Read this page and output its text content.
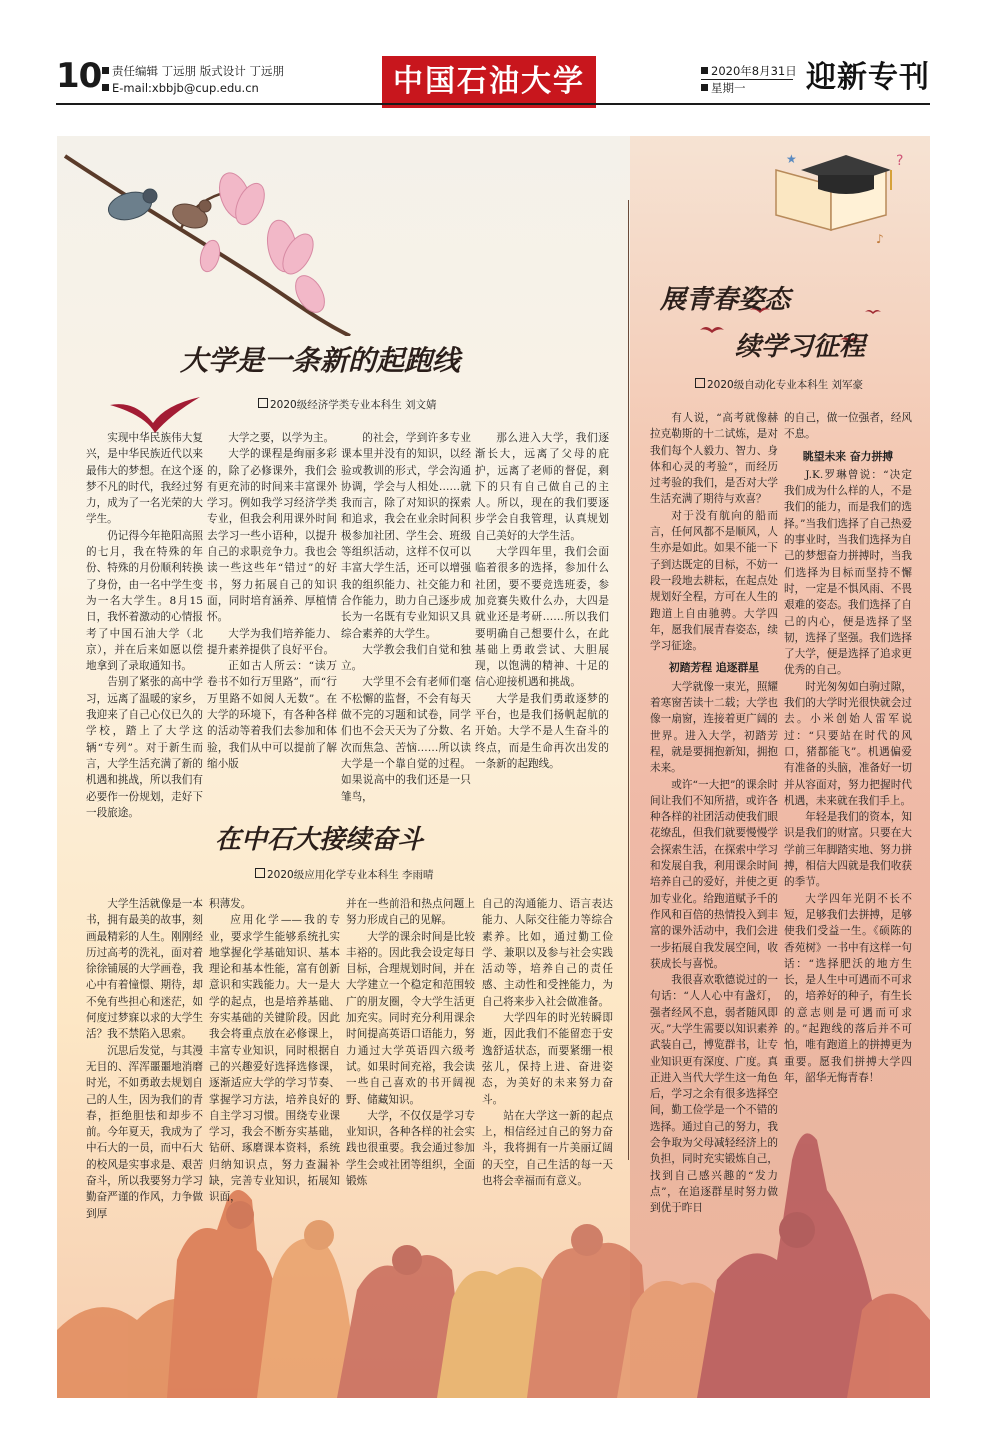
10 责任编辑 丁远朋 版式设计 丁远朋
E-mail:xbbjb@cup.edu.cn	中国石油大学	2020年8月31日
星期一 迎新专刊
?
★
♪
大学是一条新的起跑线
2020级经济学类专业本科生 刘文婧

实现中华民族伟大复兴，是中华民族近代以来最伟大的梦想。在这个逐梦不凡的时代，我经过努力，成为了一名光荣的大学生。

仍记得今年艳阳高照的七月，我在特殊的年份、特殊的月份顺利转换了身份，由一名中学生变为一名大学生。8月15日，我怀着激动的心情报考了中国石油大学（北京），并在后来如愿以偿地拿到了录取通知书。

告别了紧张的高中学习，远离了温暖的家乡，我迎来了自己心仪已久的学校，踏上了大学这辆“专列”。对于新生而言，大学生活充满了新的机遇和挑战，所以我们有必要作一份规划，走好下一段旅途。

大学之要，以学为主。

大学的课程是绚丽多彩的，除了必修课外，我们会有更充沛的时间来丰富课外学习。例如我学习经济学类专业，但我会利用课外时间去学习一些小语种，以提升自己的求职竞争力。我也会读一些这些年“错过”的好书，努力拓展自己的知识面，同时培育涵养、厚植情怀。

大学为我们培养能力、提升素养提供了良好平台。

正如古人所云：“读万卷书不如行万里路”，而“行万里路不如阅人无数”。在大学的环境下，有各种各样的活动等着我们去参加和体验，我们从中可以提前了解缩小版

的社会，学到许多专业课本里并没有的知识，以经验或教训的形式，学会沟通协调，学会与人相处……就我而言，除了对知识的探索和追求，我会在业余时间积极参加社团、学生会、班级等组织活动，这样不仅可以丰富大学生活，还可以增强我的组织能力、社交能力和合作能力，助力自己逐步成长为一名既有专业知识又具综合素养的大学生。

大学教会我们自觉和独立。

大学里不会有老师们毫不松懈的监督，不会有每天做不完的习题和试卷，同学们也不会天天为了分数、名次而焦急、苦恼……所以读大学是一个靠自觉的过程。如果说高中的我们还是一只雏鸟，

那么进入大学，我们逐渐长大，远离了父母的庇护，远离了老师的督促，剩下的只有自己做自己的主人。所以，现在的我们要逐步学会自我管理，认真规划自己美好的大学生活。

大学四年里，我们会面临着很多的选择，参加什么社团，要不要竞选班委，参加竞赛失败什么办，大四是就业还是考研……所以我们要明确自己想要什么，在此基础上勇敢尝试、大胆展现，以饱满的精神、十足的信心迎接机遇和挑战。

大学是我们勇敢逐梦的平台，也是我们扬帆起航的开始。大学不是人生奋斗的终点，而是生命再次出发的一条新的起跑线。

在中石大接续奋斗
2020级应用化学专业本科生 李雨晴

大学生活就像是一本书，拥有最美的故事，刻画最精彩的人生。刚刚经历过高考的洗礼，面对着徐徐铺展的大学画卷，我心中有着憧憬、期待，却不免有些担心和迷茫，如何度过梦寐以求的大学生活？我不禁陷入思索。

沉思后发觉，与其漫无目的、浑浑噩噩地消磨时光，不如勇敢去规划自己的人生，因为我们的青春，拒绝胆怯和却步不前。今年夏天，我成为了中石大的一员，而中石大的校风是实事求是、艰苦奋斗，所以我要努力学习勤奋严谨的作风，力争做到厚

积薄发。

应用化学——我的专业，要求学生能够系统扎实地掌握化学基础知识、基本理论和基本性能，富有创新意识和实践能力。大一是大学的起点，也是培养基础、夯实基础的关键阶段。因此我会将重点放在必修课上，丰富专业知识，同时根据自己的兴趣爱好选择选修课，逐渐适应大学的学习节奏、掌握学习方法，培养良好的自主学习习惯。围绕专业课学习，我会不断夯实基础，钻研、琢磨课本资料，系统归纳知识点，努力查漏补缺，完善专业知识，拓展知识面，

并在一些前沿和热点问题上努力形成自己的见解。

大学的课余时间是比较丰裕的。因此我会设定每日目标，合理规划时间，并在大学建立一个稳定和范围较广的朋友圈，令大学生活更加充实。同时充分利用课余时间提高英语口语能力，努力通过大学英语四六级考试。如果时间充裕，我会读一些自己喜欢的书开阔视野、储藏知识。

大学，不仅仅是学习专业知识，各种各样的社会实践也很重要。我会通过参加学生会或社团等组织，全面锻炼

自己的沟通能力、语言表达能力、人际交往能力等综合素养。比如，通过勤工俭学、兼职以及参与社会实践活动等，培养自己的责任感、主动性和受挫能力，为自己将来步入社会做准备。

大学四年的时光转瞬即逝，因此我们不能留恋于安逸舒适状态，而要紧绷一根弦儿，保持上进、奋进姿态，为美好的未来努力奋斗。

站在大学这一新的起点上，相信经过自己的努力奋斗，我将拥有一片美丽辽阔的天空，自己生活的每一天也将会幸福而有意义。

展青春姿态
续学习征程
2020级自动化专业本科生 刘军豪

有人说，“高考就像赫拉克勒斯的十二试炼，是对我们每个人毅力、智力、身体和心灵的考验”，而经历过考验的我们，是否对大学生活充满了期待与欢喜？

对于没有航向的船而言，任何风都不是顺风，人生亦是如此。如果不能一下子到达既定的目标，不妨一段一段地去耕耘，在起点处规划好全程，方可在人生的跑道上自由驰骋。大学四年，愿我们展青春姿态，续学习征途。

初踏芳程 追逐群星

大学就像一束光，照耀着寒窗苦读十二载；大学也像一扇窗，连接着更广阔的世界。进入大学，初踏芳程，就是要拥抱新知，拥抱未来。

或许“一大把”的课余时间让我们不知所措，或许各种各样的社团活动使我们眼花缭乱，但我们就要慢慢学会探索生活，在探索中学习和发展自我，利用课余时间培养自己的爱好，并使之更加专业化。给跑道赋予千的作风和百倍的热情投入到丰富的课外活动中，我们会进一步拓展自我发展空间，收获成长与喜悦。

我很喜欢歌德说过的一句话：“人人心中有盏灯，强者经风不息，弱者随风即灭。”大学生需要以知识素养武装自己，博览群书，让专业知识更有深度、广度。真正进入当代大学生这一角色后，学习之余有很多选择空间，勤工俭学是一个不错的选择。通过自己的努力，我会争取为父母减轻经济上的负担，同时充实锻炼自己，找到自己感兴趣的“发力点”，在追逐群星时努力做到优于昨日

的自己，做一位强者，经风不息。

眺望未来 奋力拼搏

J.K.罗琳曾说：“决定我们成为什么样的人，不是我们的能力，而是我们的选择。”当我们选择了自己热爱的事业时，当我们选择为自己的梦想奋力拼搏时，当我们选择为目标而坚持不懈时，一定是不惧风雨、不畏艰难的姿态。我们选择了自己的内心，便是选择了坚韧，选择了坚强。我们选择了大学，便是选择了追求更优秀的自己。

时光匆匆如白驹过隙，我们的大学时光很快就会过去。小米创始人雷军说过：“只要站在时代的风口，猪都能飞”。机遇偏爱有准备的头脑，准备好一切并从容面对，努力把握时代机遇，未来就在我们手上。

年轻是我们的资本，知识是我们的财富。只要在大学前三年脚踏实地、努力拼搏，相信大四就是我们收获的季节。

大学四年光阴不长不短，足够我们去拼搏，足够使我们受益一生。《硕陈的香苑树》一书中有这样一句话：“选择肥沃的地方生长，是人生中可遇而不可求的，培养好的种子，有生长的意志则是可遇而可求的。”起跑线的落后并不可怕，唯有跑道上的拼搏更为重要。愿我们拼搏大学四年，韶华无悔青春！
